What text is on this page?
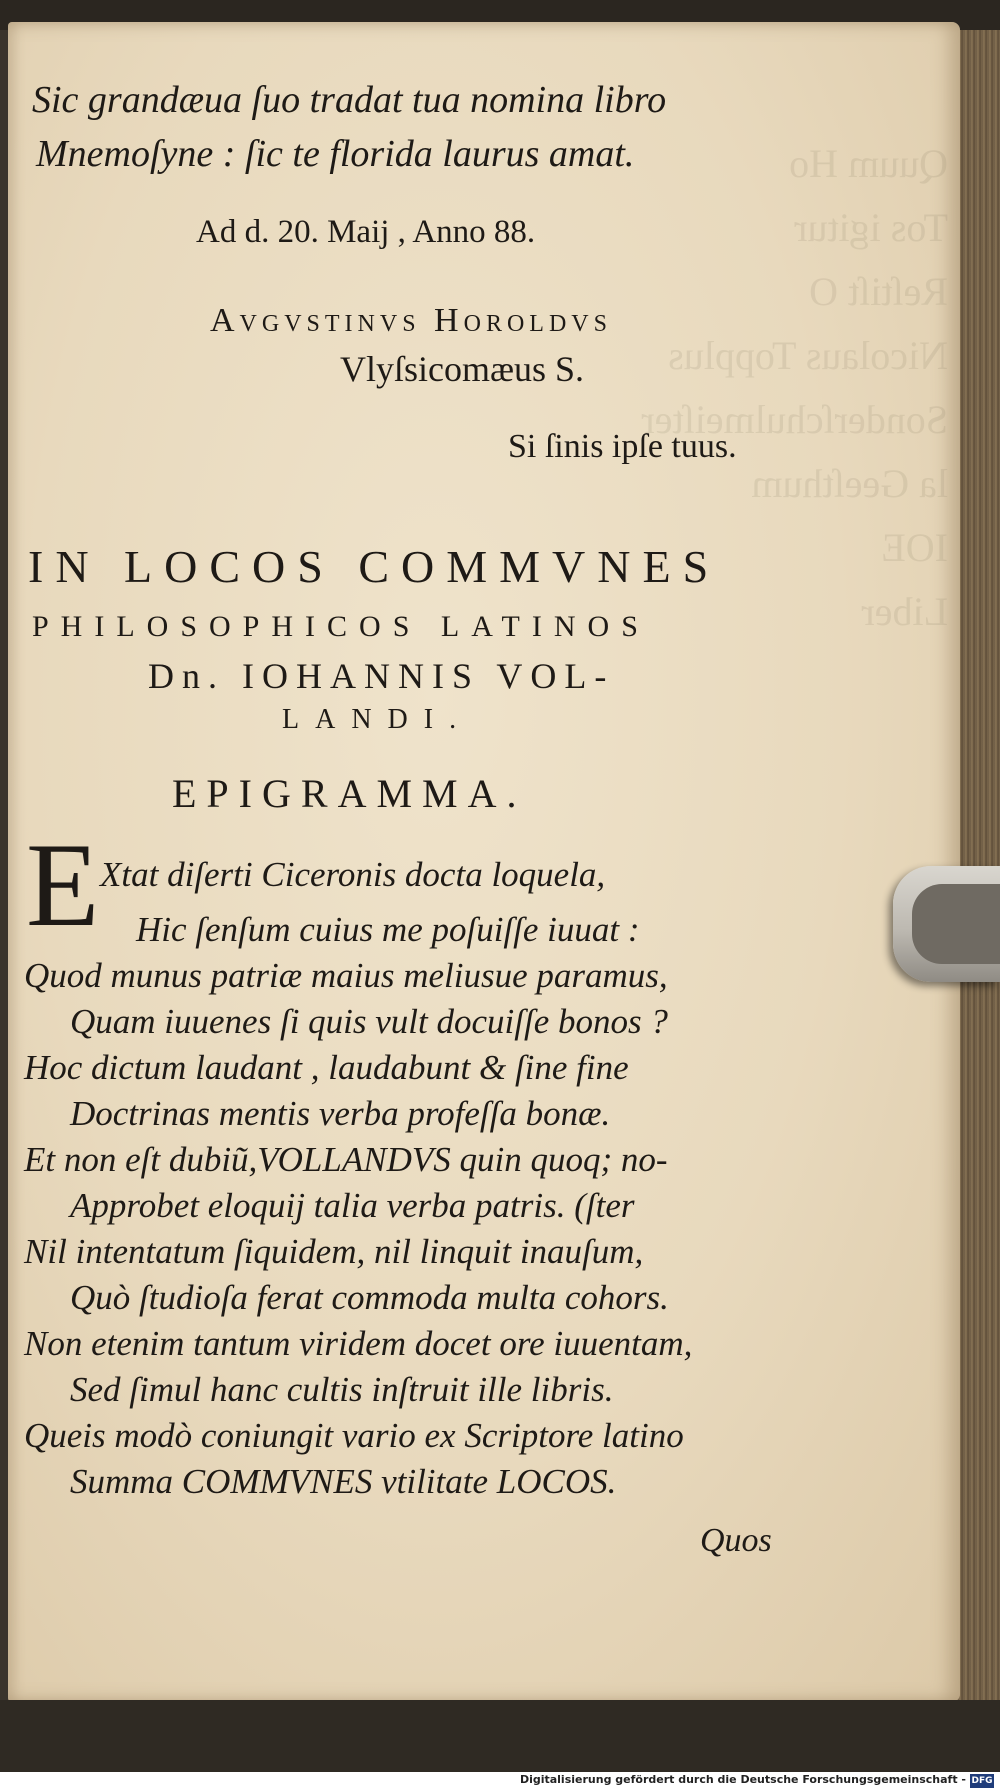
Quum Ho
Tos igitur
Reſtiſt O
Nicolaus Topplus
Sonderſchulmeiſter
la Geeſthum
IOE
Liber
Sic grandæua ſuo tradat tua nomina libro
Mnemoſyne : ſic te florida laurus amat.
Ad d. 20. Maij , Anno 88.
Avgvstinvs Horoldvs
Vlyſsicomæus S.
Si ſinis ipſe tuus.
IN LOCOS COMMVNES
PHILOSOPHICOS LATINOS
Dn. IOHANNIS VOL-
LANDI.
EPIGRAMMA.
E Xtat diſerti Ciceronis docta loquela,
Hic ſenſum cuius me poſuiſſe iuuat :
Quod munus patriæ maius meliusue paramus,
Quam iuuenes ſi quis vult docuiſſe bonos ?
Hoc dictum laudant , laudabunt & ſine fine
Doctrinas mentis verba profeſſa bonæ.
Et non eſt dubiũ,VOLLANDVS quin quoq; no-
Approbet eloquij talia verba patris. (ſter
Nil intentatum ſiquidem, nil linquit inauſum,
Quò ſtudioſa ferat commoda multa cohors.
Non etenim tantum viridem docet ore iuuentam,
Sed ſimul hanc cultis inſtruit ille libris.
Queis modò coniungit vario ex Scriptore latino
Summa COMMVNES vtilitate LOCOS.
Quos
Digitalisierung gefördert durch die Deutsche Forschungsgemeinschaft - DFG
